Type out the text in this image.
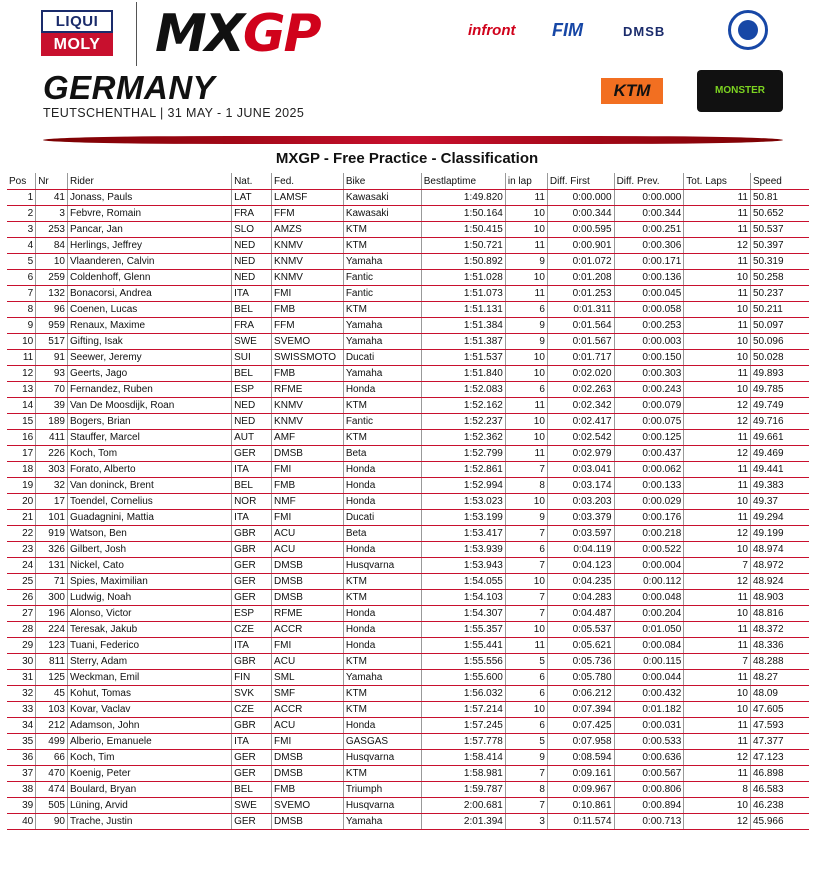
LIQUI
MOLY MXGP
GERMANY
TEUTSCHENTHAL | 31 MAY - 1 JUNE 2025
infront FIM	DMSB
KTM	MONSTER
MXGP - Free Practice - Classification
Pos	Nr	Rider	Nat.	Fed.	Bike	Bestlaptime	in lap	Diff. First	Diff. Prev.	Tot. Laps	Speed
1	41	Jonass, Pauls	LAT	LAMSF	Kawasaki	1:49.820	11	0:00.000	0:00.000	11	50.81
2	3	Febvre, Romain	FRA	FFM	Kawasaki	1:50.164	10	0:00.344	0:00.344	11	50.652
3	253	Pancar, Jan	SLO	AMZS	KTM	1:50.415	10	0:00.595	0:00.251	11	50.537
4	84	Herlings, Jeffrey	NED	KNMV	KTM	1:50.721	11	0:00.901	0:00.306	12	50.397
5	10	Vlaanderen, Calvin	NED	KNMV	Yamaha	1:50.892	9	0:01.072	0:00.171	11	50.319
6	259	Coldenhoff, Glenn	NED	KNMV	Fantic	1:51.028	10	0:01.208	0:00.136	10	50.258
7	132	Bonacorsi, Andrea	ITA	FMI	Fantic	1:51.073	11	0:01.253	0:00.045	11	50.237
8	96	Coenen, Lucas	BEL	FMB	KTM	1:51.131	6	0:01.311	0:00.058	10	50.211
9	959	Renaux, Maxime	FRA	FFM	Yamaha	1:51.384	9	0:01.564	0:00.253	11	50.097
10	517	Gifting, Isak	SWE	SVEMO	Yamaha	1:51.387	9	0:01.567	0:00.003	10	50.096
11	91	Seewer, Jeremy	SUI	SWISSMOTO	Ducati	1:51.537	10	0:01.717	0:00.150	10	50.028
12	93	Geerts, Jago	BEL	FMB	Yamaha	1:51.840	10	0:02.020	0:00.303	11	49.893
13	70	Fernandez, Ruben	ESP	RFME	Honda	1:52.083	6	0:02.263	0:00.243	10	49.785
14	39	Van De Moosdijk, Roan	NED	KNMV	KTM	1:52.162	11	0:02.342	0:00.079	12	49.749
15	189	Bogers, Brian	NED	KNMV	Fantic	1:52.237	10	0:02.417	0:00.075	12	49.716
16	411	Stauffer, Marcel	AUT	AMF	KTM	1:52.362	10	0:02.542	0:00.125	11	49.661
17	226	Koch, Tom	GER	DMSB	Beta	1:52.799	11	0:02.979	0:00.437	12	49.469
18	303	Forato, Alberto	ITA	FMI	Honda	1:52.861	7	0:03.041	0:00.062	11	49.441
19	32	Van doninck, Brent	BEL	FMB	Honda	1:52.994	8	0:03.174	0:00.133	11	49.383
20	17	Toendel, Cornelius	NOR	NMF	Honda	1:53.023	10	0:03.203	0:00.029	10	49.37
21	101	Guadagnini, Mattia	ITA	FMI	Ducati	1:53.199	9	0:03.379	0:00.176	11	49.294
22	919	Watson, Ben	GBR	ACU	Beta	1:53.417	7	0:03.597	0:00.218	12	49.199
23	326	Gilbert, Josh	GBR	ACU	Honda	1:53.939	6	0:04.119	0:00.522	10	48.974
24	131	Nickel, Cato	GER	DMSB	Husqvarna	1:53.943	7	0:04.123	0:00.004	7	48.972
25	71	Spies, Maximilian	GER	DMSB	KTM	1:54.055	10	0:04.235	0:00.112	12	48.924
26	300	Ludwig, Noah	GER	DMSB	KTM	1:54.103	7	0:04.283	0:00.048	11	48.903
27	196	Alonso, Victor	ESP	RFME	Honda	1:54.307	7	0:04.487	0:00.204	10	48.816
28	224	Teresak, Jakub	CZE	ACCR	Honda	1:55.357	10	0:05.537	0:01.050	11	48.372
29	123	Tuani, Federico	ITA	FMI	Honda	1:55.441	11	0:05.621	0:00.084	11	48.336
30	811	Sterry, Adam	GBR	ACU	KTM	1:55.556	5	0:05.736	0:00.115	7	48.288
31	125	Weckman, Emil	FIN	SML	Yamaha	1:55.600	6	0:05.780	0:00.044	11	48.27
32	45	Kohut, Tomas	SVK	SMF	KTM	1:56.032	6	0:06.212	0:00.432	10	48.09
33	103	Kovar, Vaclav	CZE	ACCR	KTM	1:57.214	10	0:07.394	0:01.182	10	47.605
34	212	Adamson, John	GBR	ACU	Honda	1:57.245	6	0:07.425	0:00.031	11	47.593
35	499	Alberio, Emanuele	ITA	FMI	GASGAS	1:57.778	5	0:07.958	0:00.533	11	47.377
36	66	Koch, Tim	GER	DMSB	Husqvarna	1:58.414	9	0:08.594	0:00.636	12	47.123
37	470	Koenig, Peter	GER	DMSB	KTM	1:58.981	7	0:09.161	0:00.567	11	46.898
38	474	Boulard, Bryan	BEL	FMB	Triumph	1:59.787	8	0:09.967	0:00.806	8	46.583
39	505	Lüning, Arvid	SWE	SVEMO	Husqvarna	2:00.681	7	0:10.861	0:00.894	10	46.238
40	90	Trache, Justin	GER	DMSB	Yamaha	2:01.394	3	0:11.574	0:00.713	12	45.966
